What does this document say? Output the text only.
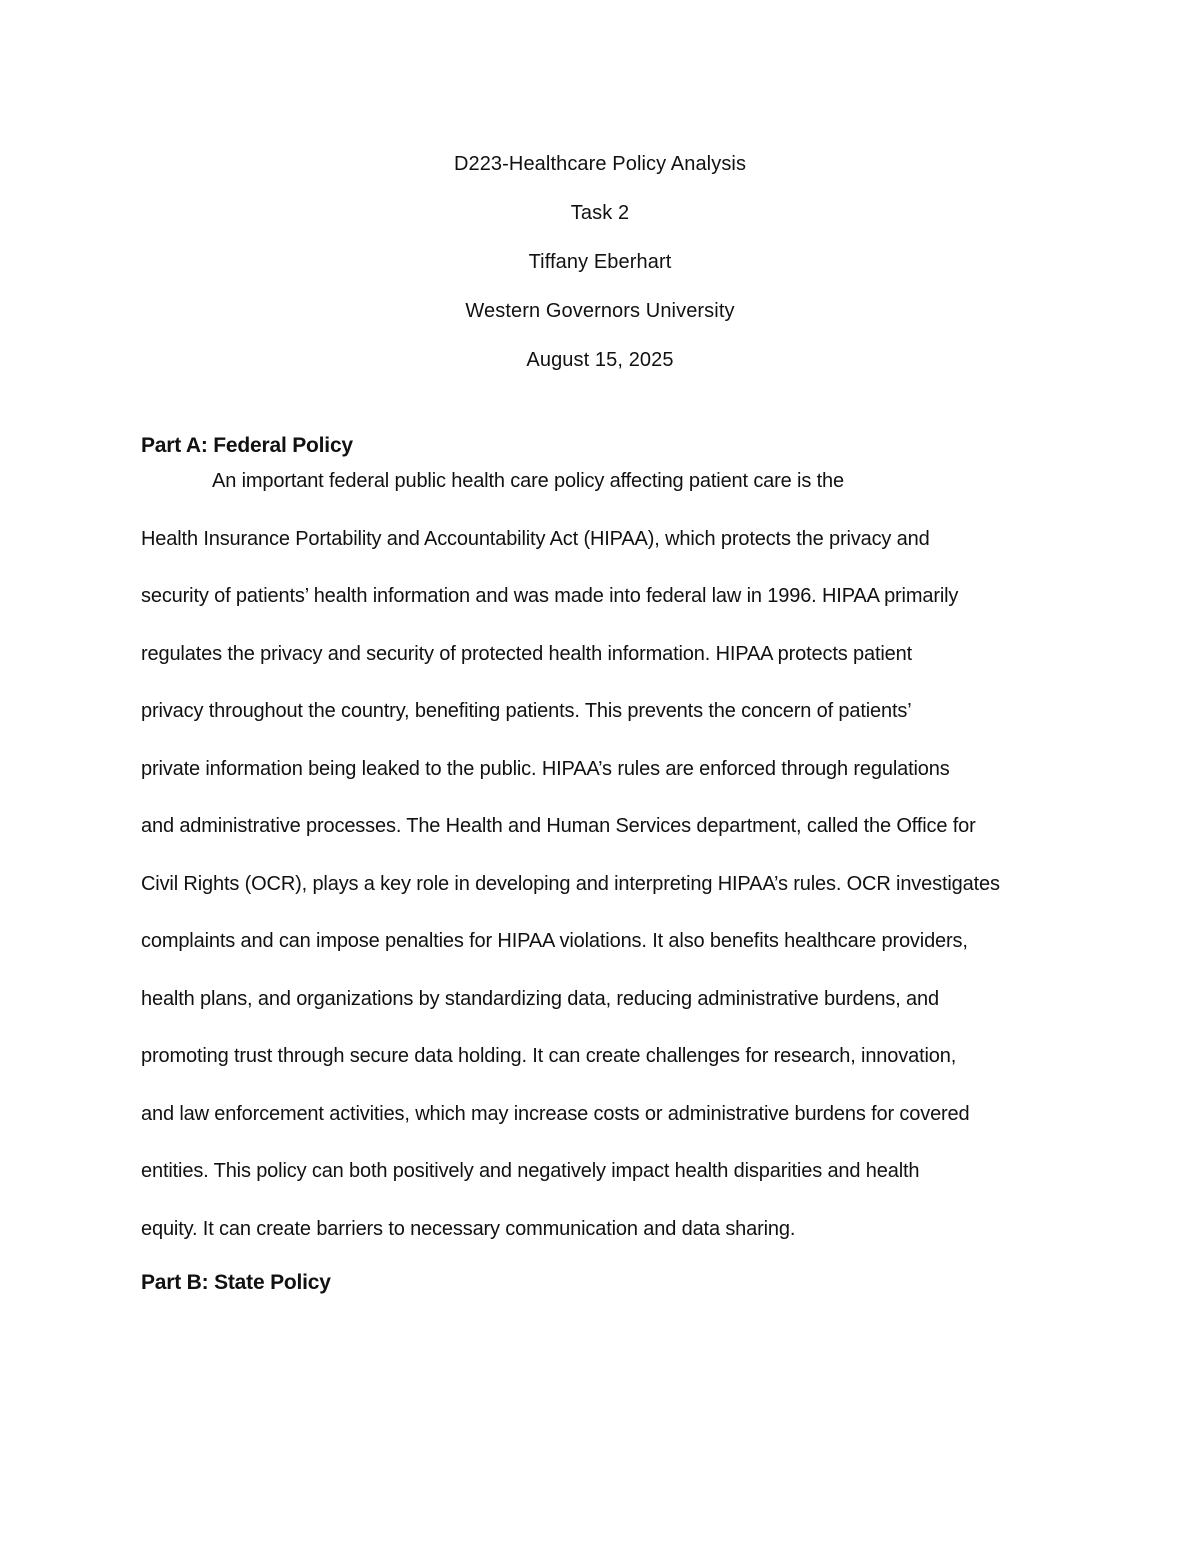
D223-Healthcare Policy Analysis
Task 2
Tiffany Eberhart
Western Governors University
August 15, 2025
Part A: Federal Policy
An important federal public health care policy affecting patient care is the
Health Insurance Portability and Accountability Act (HIPAA), which protects the privacy and
security of patients’ health information and was made into federal law in 1996. HIPAA primarily
regulates the privacy and security of protected health information. HIPAA protects patient
privacy throughout the country, benefiting patients. This prevents the concern of patients’
private information being leaked to the public. HIPAA’s rules are enforced through regulations
and administrative processes. The Health and Human Services department, called the Office for
Civil Rights (OCR), plays a key role in developing and interpreting HIPAA’s rules. OCR investigates
complaints and can impose penalties for HIPAA violations. It also benefits healthcare providers,
health plans, and organizations by standardizing data, reducing administrative burdens, and
promoting trust through secure data holding. It can create challenges for research, innovation,
and law enforcement activities, which may increase costs or administrative burdens for covered
entities. This policy can both positively and negatively impact health disparities and health
equity. It can create barriers to necessary communication and data sharing.
Part B: State Policy
